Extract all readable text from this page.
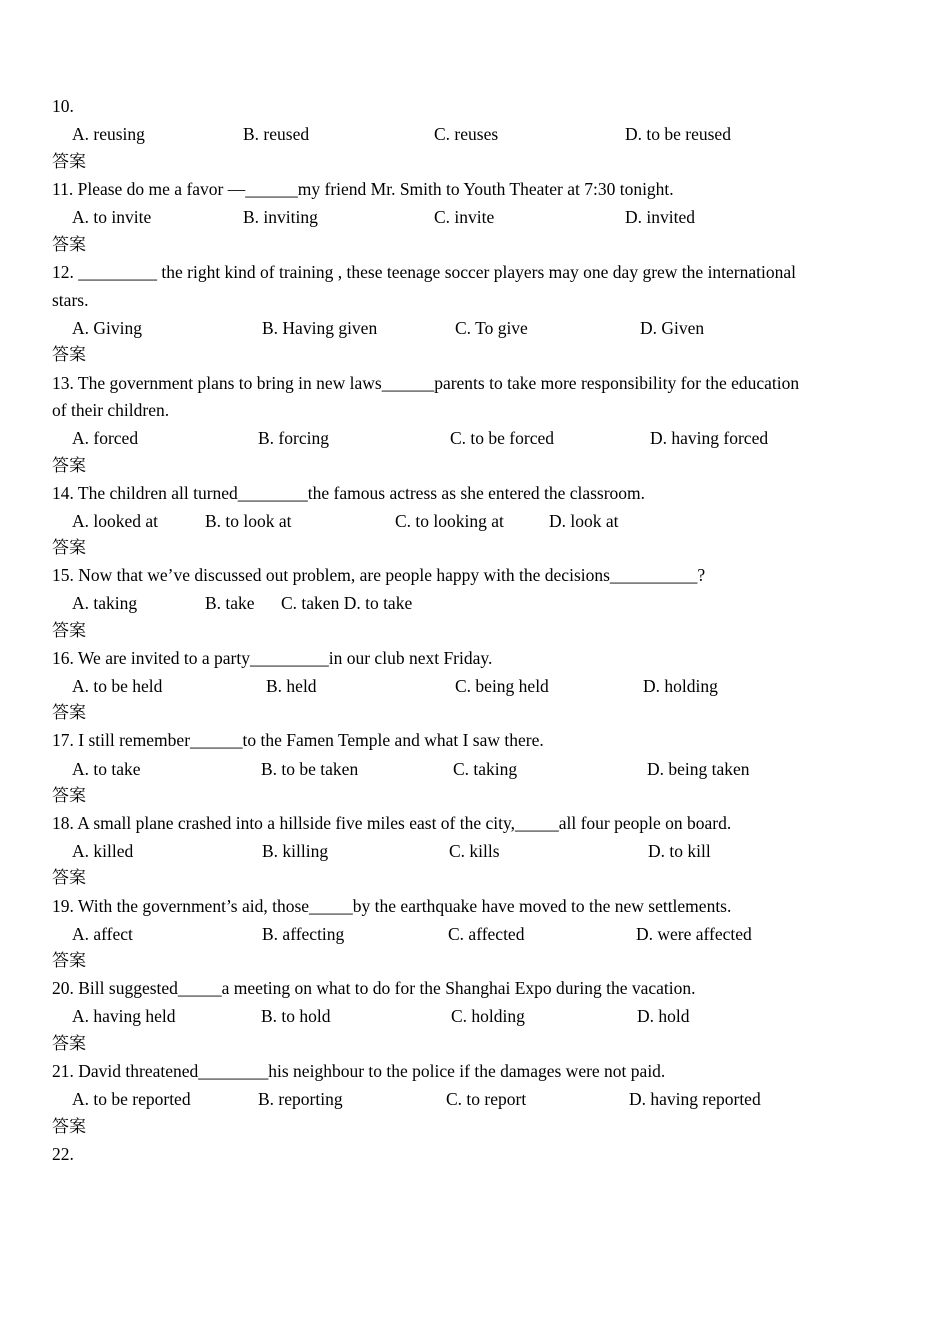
10.
A. reusing	B. reused	C. reuses	D. to be reused
答案
11. Please do me a favor —______my friend Mr. Smith to Youth Theater at 7:30 tonight.
A. to invite	B. inviting	C. invite	D. invited
答案
12. _________ the right kind of training , these teenage soccer players may one day grew the international
stars.
A. Giving	B. Having given	C. To give	D. Given
答案
13. The government plans to bring in new laws______parents to take more responsibility for the education
of their children.
A. forced	B. forcing	C. to be forced	D. having forced
答案
14. The children all turned________the famous actress as she entered the classroom.
A. looked at	B. to look at	C. to looking at	D. look at
答案
15. Now that we’ve discussed out problem, are people happy with the decisions__________?
A. taking	B. take C. taken D. to take
答案
16. We are invited to a party_________in our club next Friday.
A. to be held	B. held	C. being held	D. holding
答案
17. I still remember______to the Famen Temple and what I saw there.
A. to take	B. to be taken	C. taking	D. being taken
答案
18. A small plane crashed into a hillside five miles east of the city,_____all four people on board.
A. killed	B. killing	C. kills	D. to kill
答案
19. With the government’s aid, those_____by the earthquake have moved to the new settlements.
A. affect	B. affecting	C. affected	D. were affected
答案
20. Bill suggested_____a meeting on what to do for the Shanghai Expo during the vacation.
A. having held	B. to hold	C. holding	D. hold
答案
21. David threatened________his neighbour to the police if the damages were not paid.
A. to be reported	B. reporting	C. to report	D. having reported
答案
22.
